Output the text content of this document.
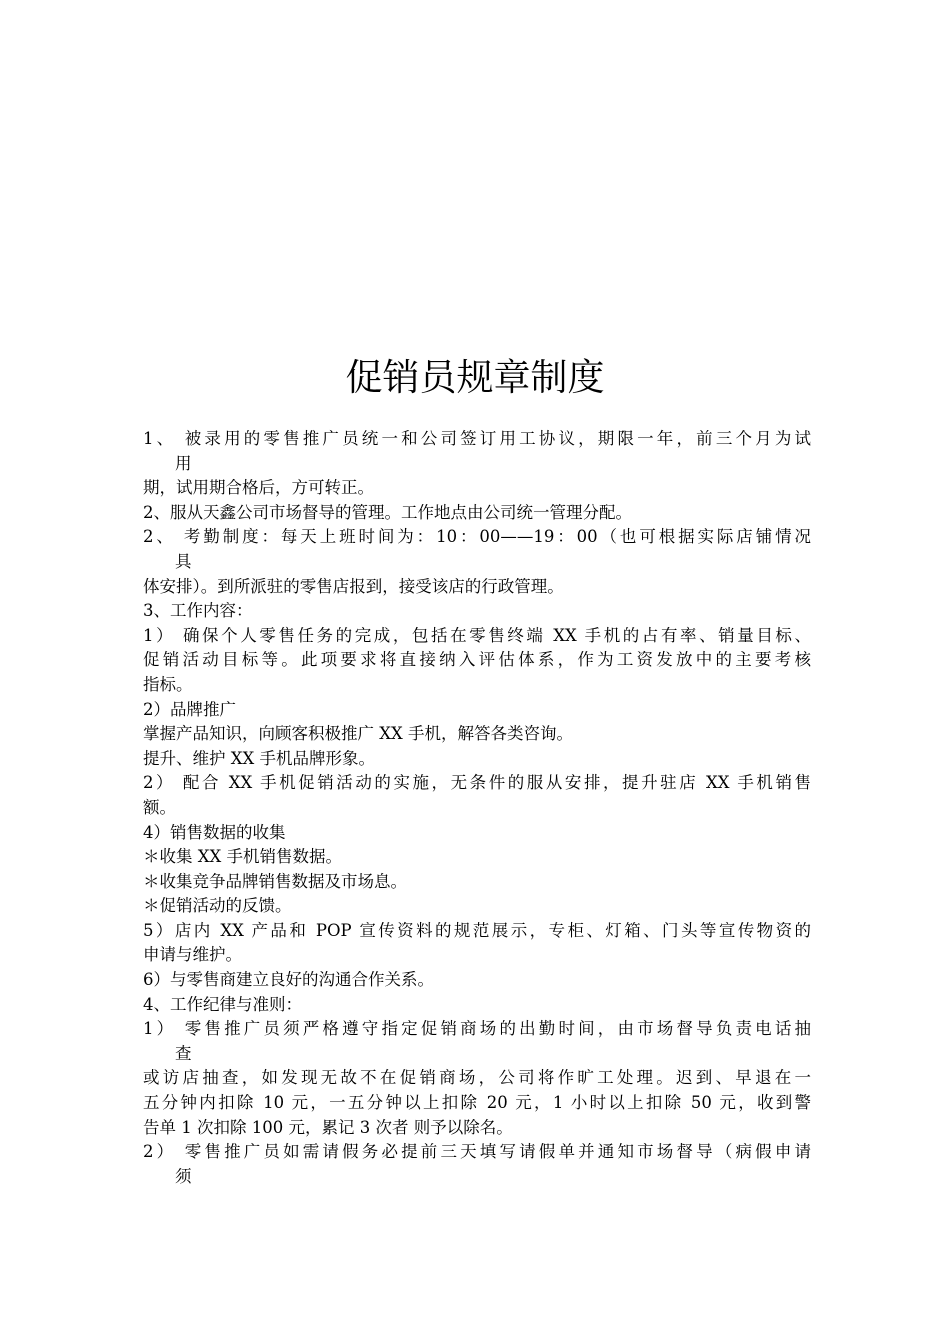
促销员规章制度
1、 被录用的零售推广员统一和公司签订用工协议，期限一年，前三个月为试
用
期，试用期合格后，方可转正。
2、服从天鑫公司市场督导的管理。工作地点由公司统一管理分配。
2、 考勤制度：每天上班时间为：10：00——19：00（也可根据实际店铺情况
具
体安排）。到所派驻的零售店报到，接受该店的行政管理。
3、工作内容：
1） 确保个人零售任务的完成，包括在零售终端 XX 手机的占有率、销量目标、
促销活动目标等。此项要求将直接纳入评估体系，作为工资发放中的主要考核
指标。
2）品牌推广
掌握产品知识，向顾客积极推广 XX 手机，解答各类咨询。
提升、维护 XX 手机品牌形象。
2） 配合 XX 手机促销活动的实施，无条件的服从安排，提升驻店 XX 手机销售
额。
4）销售数据的收集
＊收集 XX 手机销售数据。
＊收集竞争品牌销售数据及市场息。
＊促销活动的反馈。
5）店内 XX 产品和 POP 宣传资料的规范展示，专柜、灯箱、门头等宣传物资的
申请与维护。
6）与零售商建立良好的沟通合作关系。
4、工作纪律与准则：
1） 零售推广员须严格遵守指定促销商场的出勤时间，由市场督导负责电话抽
查
或访店抽查，如发现无故不在促销商场，公司将作旷工处理。迟到、早退在一
五分钟内扣除 10 元，一五分钟以上扣除 20 元，1 小时以上扣除 50 元，收到警
告单 1 次扣除 100 元，累记 3 次者 则予以除名。
2） 零售推广员如需请假务必提前三天填写请假单并通知市场督导（病假申请
须
